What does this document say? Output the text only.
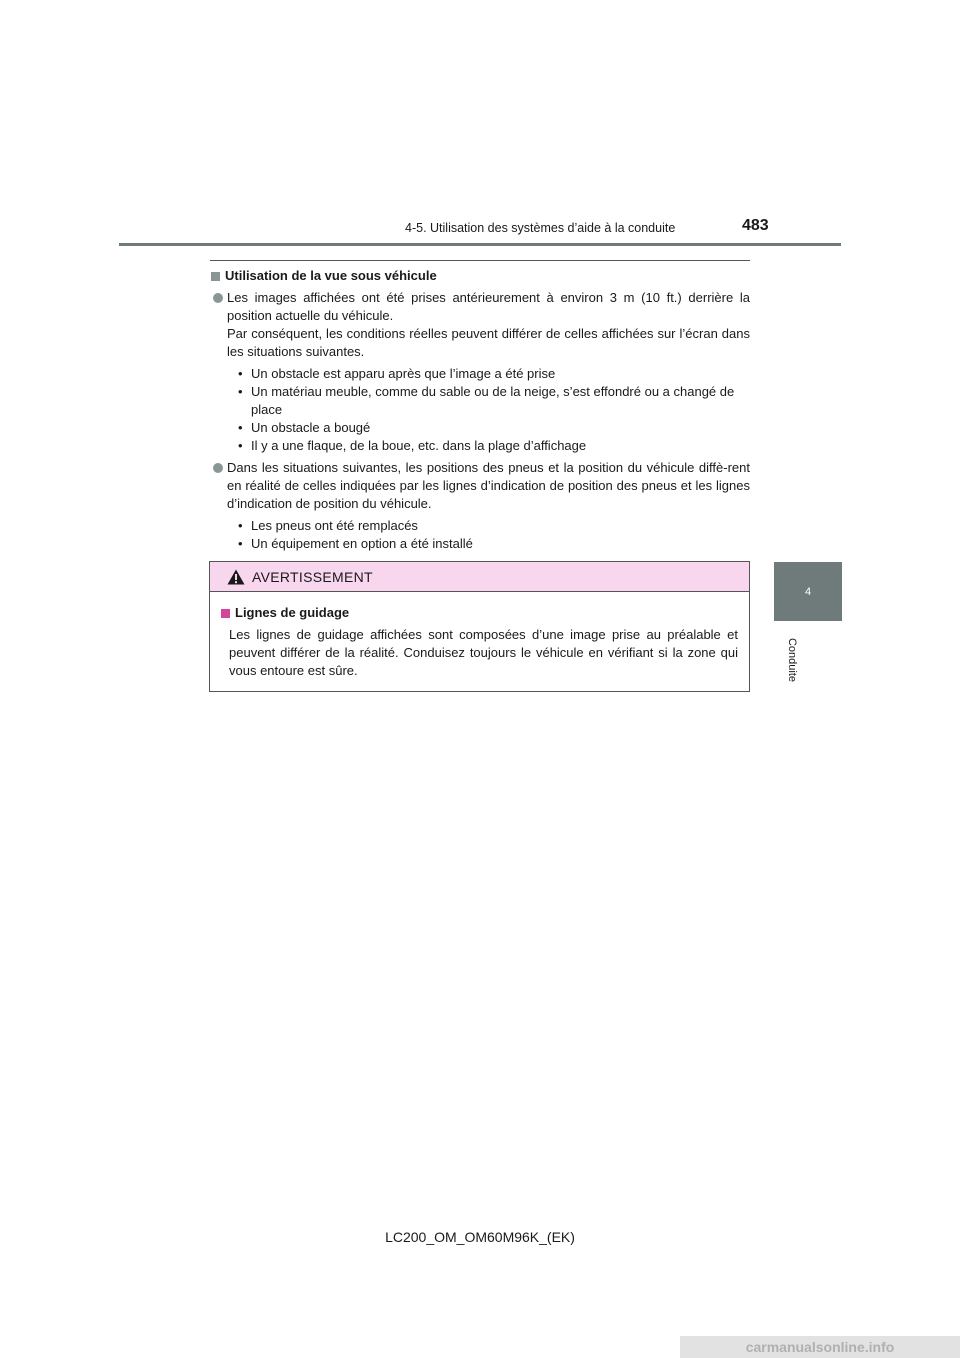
4-5. Utilisation des systèmes d’aide à la conduite	483
4
Conduite
Utilisation de la vue sous véhicule

Les images affichées ont été prises antérieurement à environ 3 m (10 ft.) derrière la position actuelle du véhicule.

Par conséquent, les conditions réelles peuvent différer de celles affichées sur l’écran dans les situations suivantes.

• Un obstacle est apparu après que l’image a été prise
• Un matériau meuble, comme du sable ou de la neige, s’est effondré ou a changé de place
• Un obstacle a bougé
• Il y a une flaque, de la boue, etc. dans la plage d’affichage

Dans les situations suivantes, les positions des pneus et la position du véhicule diffè-rent en réalité de celles indiquées par les lignes d’indication de position des pneus et les lignes d’indication de position du véhicule.

• Les pneus ont été remplacés
• Un équipement en option a été installé
AVERTISSEMENT
Lignes de guidage
Les lignes de guidage affichées sont composées d’une image prise au préalable et peuvent différer de la réalité. Conduisez toujours le véhicule en vérifiant si la zone qui vous entoure est sûre.
LC200_OM_OM60M96K_(EK)
carmanualsonline.info
